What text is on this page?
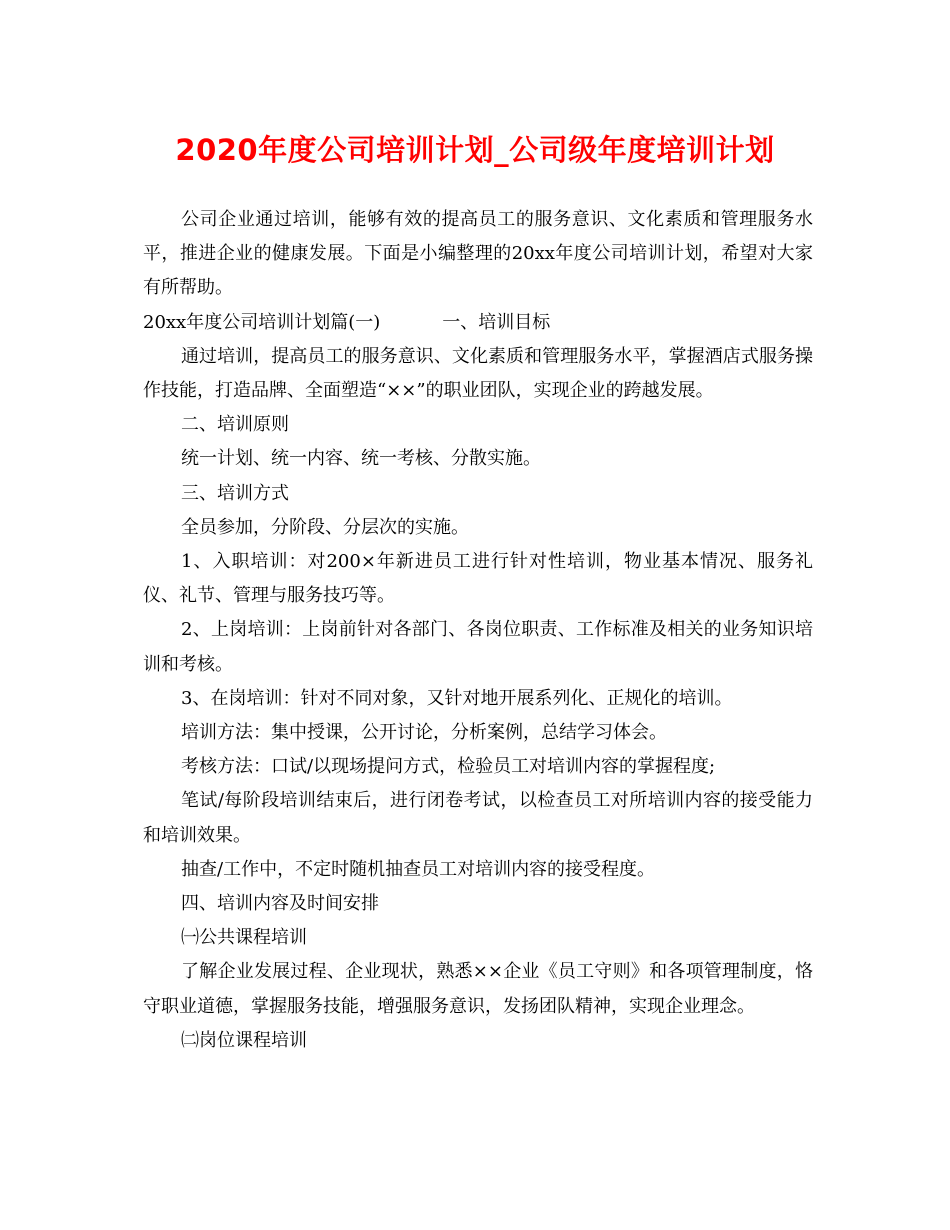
2020年度公司培训计划_公司级年度培训计划

公司企业通过培训，能够有效的提高员工的服务意识、文化素质和管理服务水平，推进企业的健康发展。下面是小编整理的20xx年度公司培训计划，希望对大家有所帮助。

20xx年度公司培训计划篇(一)	一、培训目标

通过培训，提高员工的服务意识、文化素质和管理服务水平，掌握酒店式服务操作技能，打造品牌、全面塑造“××”的职业团队，实现企业的跨越发展。

二、培训原则

统一计划、统一内容、统一考核、分散实施。

三、培训方式

全员参加，分阶段、分层次的实施。

1、入职培训：对200×年新进员工进行针对性培训，物业基本情况、服务礼仪、礼节、管理与服务技巧等。

2、上岗培训：上岗前针对各部门、各岗位职责、工作标准及相关的业务知识培训和考核。

3、在岗培训：针对不同对象，又针对地开展系列化、正规化的培训。

培训方法：集中授课，公开讨论，分析案例，总结学习体会。

考核方法：口试/以现场提问方式，检验员工对培训内容的掌握程度;

笔试/每阶段培训结束后，进行闭卷考试，以检查员工对所培训内容的接受能力和培训效果。

抽查/工作中，不定时随机抽查员工对培训内容的接受程度。

四、培训内容及时间安排

㈠公共课程培训

了解企业发展过程、企业现状，熟悉××企业《员工守则》和各项管理制度，恪守职业道德，掌握服务技能，增强服务意识，发扬团队精神，实现企业理念。

㈡岗位课程培训
